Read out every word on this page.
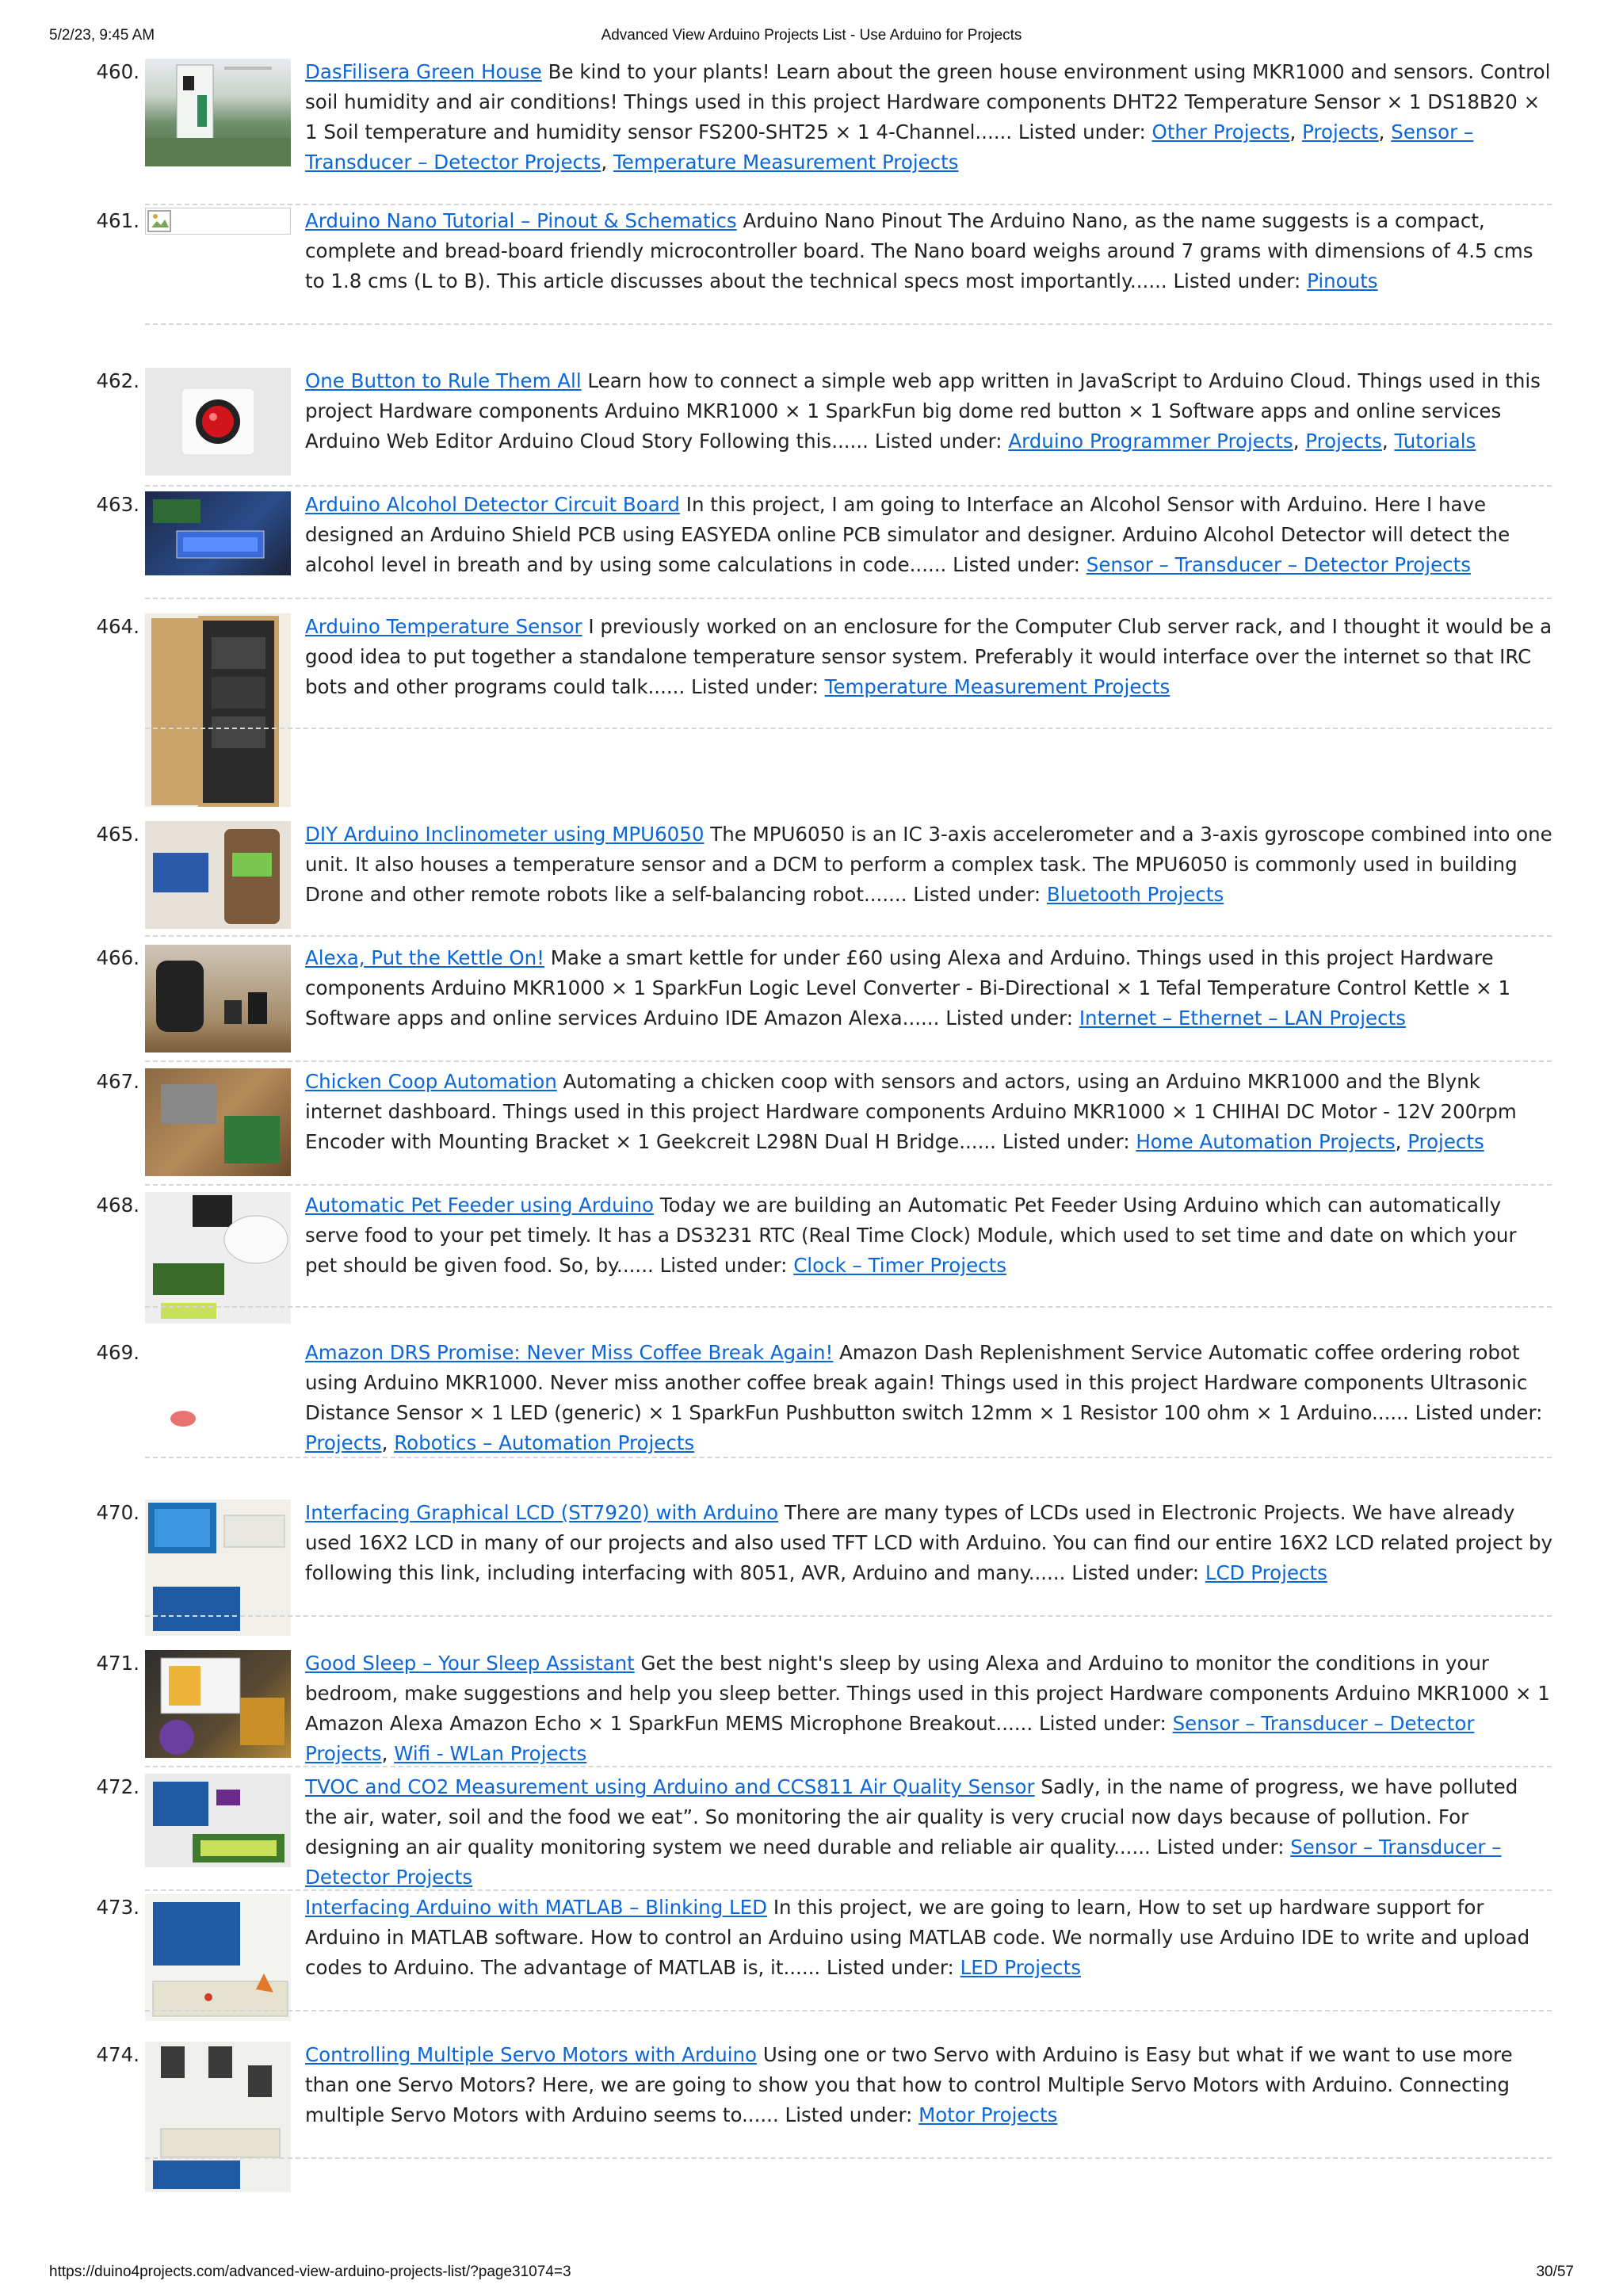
5/2/23, 9:45 AM	Advanced View Arduino Projects List - Use Arduino for Projects
460.	DasFilisera Green House Be kind to your plants! Learn about the green house environment using MKR1000 and sensors. Control soil humidity and air conditions! Things used in this project Hardware components DHT22 Temperature Sensor × 1 DS18B20 × 1 Soil temperature and humidity sensor FS200-SHT25 × 1 4-Channel...... Listed under: Other Projects, Projects, Sensor – Transducer – Detector Projects, Temperature Measurement Projects
461.	Arduino Nano Tutorial – Pinout & Schematics Arduino Nano Pinout The Arduino Nano, as the name suggests is a compact, complete and bread-board friendly microcontroller board. The Nano board weighs around 7 grams with dimensions of 4.5 cms to 1.8 cms (L to B). This article discusses about the technical specs most importantly...... Listed under: Pinouts
462.	One Button to Rule Them All Learn how to connect a simple web app written in JavaScript to Arduino Cloud. Things used in this project Hardware components Arduino MKR1000 × 1 SparkFun big dome red button × 1 Software apps and online services Arduino Web Editor Arduino Cloud Story Following this...... Listed under: Arduino Programmer Projects, Projects, Tutorials
463.	Arduino Alcohol Detector Circuit Board In this project, I am going to Interface an Alcohol Sensor with Arduino. Here I have designed an Arduino Shield PCB using EASYEDA online PCB simulator and designer. Arduino Alcohol Detector will detect the alcohol level in breath and by using some calculations in code...... Listed under: Sensor – Transducer – Detector Projects
464.	Arduino Temperature Sensor I previously worked on an enclosure for the Computer Club server rack, and I thought it would be a good idea to put together a standalone temperature sensor system. Preferably it would interface over the internet so that IRC bots and other programs could talk...... Listed under: Temperature Measurement Projects
465.	DIY Arduino Inclinometer using MPU6050 The MPU6050 is an IC 3-axis accelerometer and a 3-axis gyroscope combined into one unit. It also houses a temperature sensor and a DCM to perform a complex task. The MPU6050 is commonly used in building Drone and other remote robots like a self-balancing robot....... Listed under: Bluetooth Projects
466.	Alexa, Put the Kettle On! Make a smart kettle for under £60 using Alexa and Arduino. Things used in this project Hardware components Arduino MKR1000 × 1 SparkFun Logic Level Converter - Bi-Directional × 1 Tefal Temperature Control Kettle × 1 Software apps and online services Arduino IDE Amazon Alexa...... Listed under: Internet – Ethernet – LAN Projects
467.	Chicken Coop Automation Automating a chicken coop with sensors and actors, using an Arduino MKR1000 and the Blynk internet dashboard. Things used in this project Hardware components Arduino MKR1000 × 1 CHIHAI DC Motor - 12V 200rpm Encoder with Mounting Bracket × 1 Geekcreit L298N Dual H Bridge...... Listed under: Home Automation Projects, Projects
468.	Automatic Pet Feeder using Arduino Today we are building an Automatic Pet Feeder Using Arduino which can automatically serve food to your pet timely. It has a DS3231 RTC (Real Time Clock) Module, which used to set time and date on which your pet should be given food. So, by...... Listed under: Clock – Timer Projects
469.	Amazon DRS Promise: Never Miss Coffee Break Again! Amazon Dash Replenishment Service Automatic coffee ordering robot using Arduino MKR1000. Never miss another coffee break again! Things used in this project Hardware components Ultrasonic Distance Sensor × 1 LED (generic) × 1 SparkFun Pushbutton switch 12mm × 1 Resistor 100 ohm × 1 Arduino...... Listed under: Projects, Robotics – Automation Projects
470.	Interfacing Graphical LCD (ST7920) with Arduino There are many types of LCDs used in Electronic Projects. We have already used 16X2 LCD in many of our projects and also used TFT LCD with Arduino. You can find our entire 16X2 LCD related project by following this link, including interfacing with 8051, AVR, Arduino and many...... Listed under: LCD Projects
471.	Good Sleep – Your Sleep Assistant Get the best night's sleep by using Alexa and Arduino to monitor the conditions in your bedroom, make suggestions and help you sleep better. Things used in this project Hardware components Arduino MKR1000 × 1 Amazon Alexa Amazon Echo × 1 SparkFun MEMS Microphone Breakout...... Listed under: Sensor – Transducer – Detector Projects, Wifi - WLan Projects
472.	TVOC and CO2 Measurement using Arduino and CCS811 Air Quality Sensor Sadly, in the name of progress, we have polluted the air, water, soil and the food we eat”. So monitoring the air quality is very crucial now days because of pollution. For designing an air quality monitoring system we need durable and reliable air quality...... Listed under: Sensor – Transducer – Detector Projects
473.	Interfacing Arduino with MATLAB – Blinking LED In this project, we are going to learn, How to set up hardware support for Arduino in MATLAB software. How to control an Arduino using MATLAB code. We normally use Arduino IDE to write and upload codes to Arduino. The advantage of MATLAB is, it...... Listed under: LED Projects
474.	Controlling Multiple Servo Motors with Arduino Using one or two Servo with Arduino is Easy but what if we want to use more than one Servo Motors? Here, we are going to show you that how to control Multiple Servo Motors with Arduino. Connecting multiple Servo Motors with Arduino seems to...... Listed under: Motor Projects
https://duino4projects.com/advanced-view-arduino-projects-list/?page31074=3	30/57
